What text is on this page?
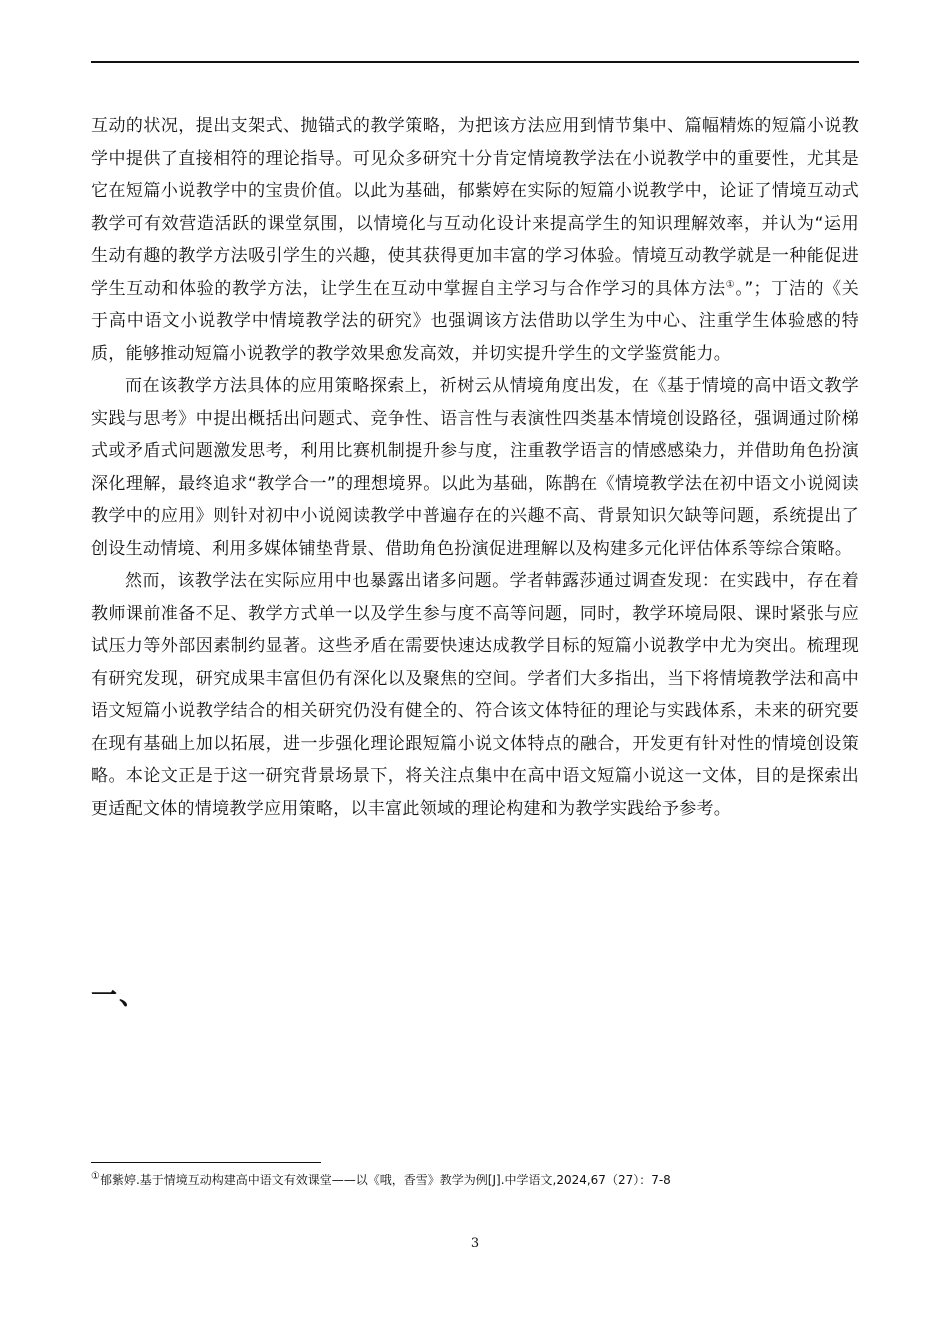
互动的状况，提出支架式、抛锚式的教学策略，为把该方法应用到情节集中、篇幅精炼的短篇小说教学中提供了直接相符的理论指导。可见众多研究十分肯定情境教学法在小说教学中的重要性，尤其是它在短篇小说教学中的宝贵价值。以此为基础，郁紫婷在实际的短篇小说教学中，论证了情境互动式教学可有效营造活跃的课堂氛围，以情境化与互动化设计来提高学生的知识理解效率，并认为“运用生动有趣的教学方法吸引学生的兴趣，使其获得更加丰富的学习体验。情境互动教学就是一种能促进学生互动和体验的教学方法，让学生在互动中掌握自主学习与合作学习的具体方法①。”；丁洁的《关于高中语文小说教学中情境教学法的研究》也强调该方法借助以学生为中心、注重学生体验感的特质，能够推动短篇小说教学的教学效果愈发高效，并切实提升学生的文学鉴赏能力。

而在该教学方法具体的应用策略探索上，祈树云从情境角度出发，在《基于情境的高中语文教学实践与思考》中提出概括出问题式、竞争性、语言性与表演性四类基本情境创设路径，强调通过阶梯式或矛盾式问题激发思考，利用比赛机制提升参与度，注重教学语言的情感感染力，并借助角色扮演深化理解，最终追求“教学合一”的理想境界。以此为基础，陈鹊在《情境教学法在初中语文小说阅读教学中的应用》则针对初中小说阅读教学中普遍存在的兴趣不高、背景知识欠缺等问题，系统提出了创设生动情境、利用多媒体铺垫背景、借助角色扮演促进理解以及构建多元化评估体系等综合策略。

然而，该教学法在实际应用中也暴露出诸多问题。学者韩露莎通过调查发现：在实践中，存在着教师课前准备不足、教学方式单一以及学生参与度不高等问题，同时，教学环境局限、课时紧张与应试压力等外部因素制约显著。这些矛盾在需要快速达成教学目标的短篇小说教学中尤为突出。梳理现有研究发现，研究成果丰富但仍有深化以及聚焦的空间。学者们大多指出，当下将情境教学法和高中语文短篇小说教学结合的相关研究仍没有健全的、符合该文体特征的理论与实践体系，未来的研究要在现有基础上加以拓展，进一步强化理论跟短篇小说文体特点的融合，开发更有针对性的情境创设策略。本论文正是于这一研究背景场景下，将关注点集中在高中语文短篇小说这一文体，目的是探索出更适配文体的情境教学应用策略，以丰富此领域的理论构建和为教学实践给予参考。

一、

①郁紫婷.基于情境互动构建高中语文有效课堂——以《哦，香雪》教学为例[J].中学语文,2024,67（27）：7-8

3
